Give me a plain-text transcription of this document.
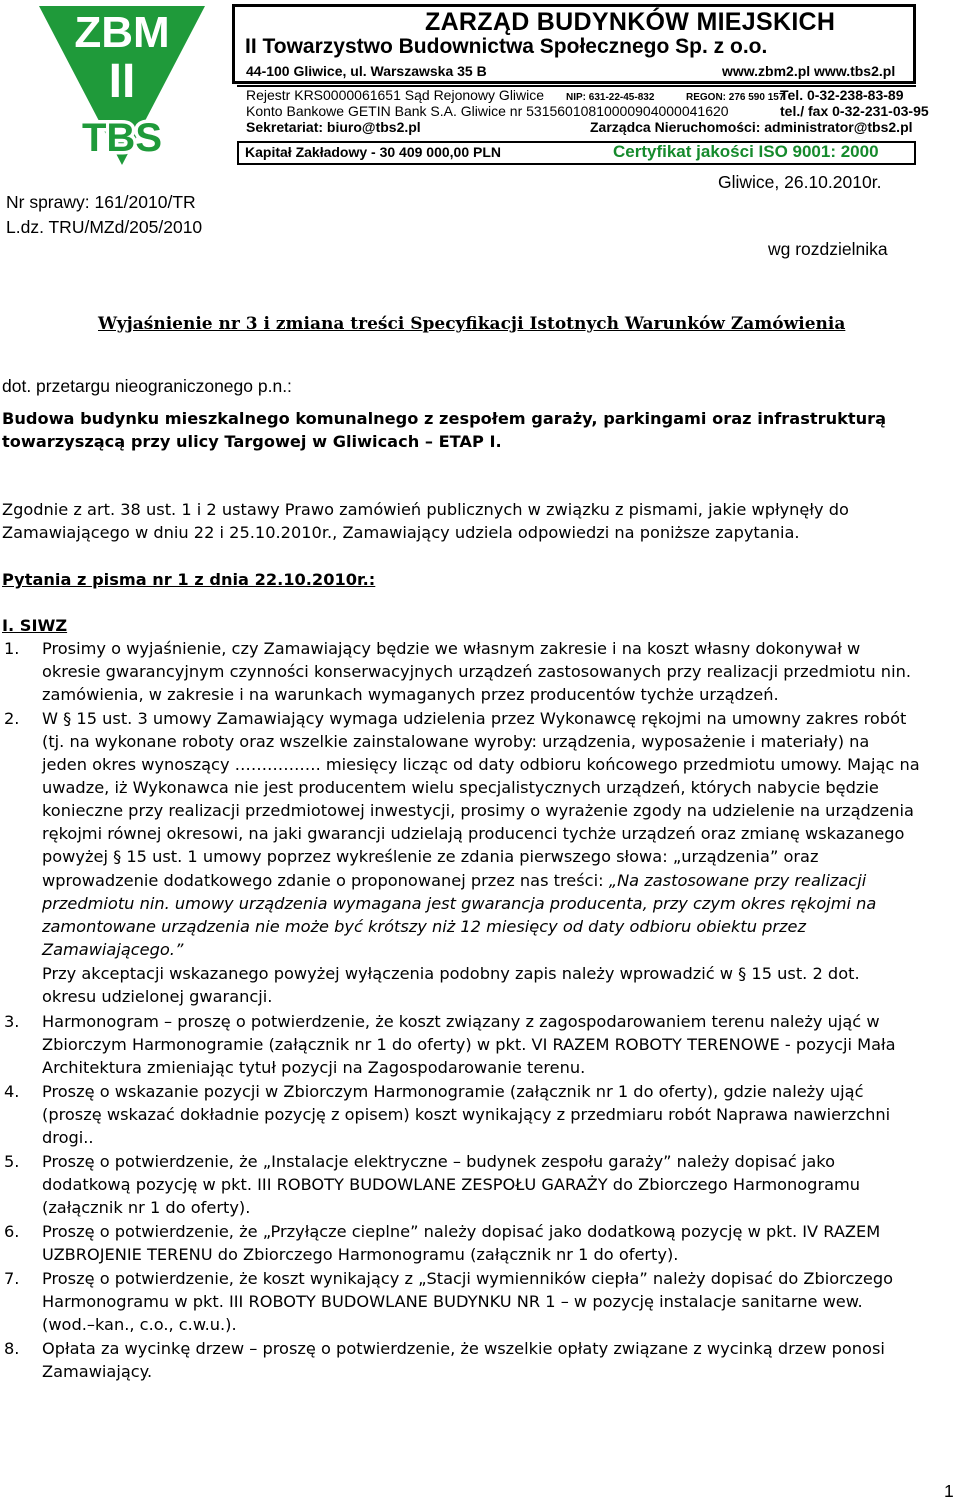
ZBM
II
TBS
ZARZĄD BUDYNKÓW MIEJSKICH
II Towarzystwo Budownictwa Społecznego Sp. z o.o.
44-100 Gliwice, ul. Warszawska 35 B	www.zbm2.pl www.tbs2.pl
Rejestr KRS0000061651 Sąd Rejonowy Gliwice NIP: 631-22-45-832	REGON: 276 590 157
Tel. 0-32-238-83-89
Konto Bankowe GETIN Bank S.A. Gliwice nr 53156010810000904000041620	tel./ fax 0-32-231-03-95
Sekretariat: biuro@tbs2.pl	Zarządca Nieruchomości: administrator@tbs2.pl
Kapitał Zakładowy - 30 409 000,00 PLN	Certyfikat jakości ISO 9001: 2000
Nr sprawy: 161/2010/TR
L.dz. TRU/MZd/205/2010
Gliwice, 26.10.2010r.
wg rozdzielnika
Wyjaśnienie nr 3 i zmiana treści Specyfikacji Istotnych Warunków Zamówienia
dot. przetargu nieograniczonego p.n.:
Budowa budynku mieszkalnego komunalnego z zespołem garaży, parkingami oraz infrastrukturą
towarzyszącą przy ulicy Targowej w Gliwicach – ETAP I.
Zgodnie z art. 38 ust. 1 i 2 ustawy Prawo zamówień publicznych w związku z pismami, jakie wpłynęły do
Zamawiającego w dniu 22 i 25.10.2010r., Zamawiający udziela odpowiedzi na poniższe zapytania.
Pytania z pisma nr 1 z dnia 22.10.2010r.:
I. SIWZ
1. Prosimy o wyjaśnienie, czy Zamawiający będzie we własnym zakresie i na koszt własny dokonywał w
okresie gwarancyjnym czynności konserwacyjnych urządzeń zastosowanych przy realizacji przedmiotu nin.
zamówienia, w zakresie i na warunkach wymaganych przez producentów tychże urządzeń.
2. W § 15 ust. 3 umowy Zamawiający wymaga udzielenia przez Wykonawcę rękojmi na umowny zakres robót
(tj. na wykonane roboty oraz wszelkie zainstalowane wyroby: urządzenia, wyposażenie i materiały) na
jeden okres wynoszący ……………. miesięcy licząc od daty odbioru końcowego przedmiotu umowy. Mając na
uwadze, iż Wykonawca nie jest producentem wielu specjalistycznych urządzeń, których nabycie będzie
konieczne przy realizacji przedmiotowej inwestycji, prosimy o wyrażenie zgody na udzielenie na urządzenia
rękojmi równej okresowi, na jaki gwarancji udzielają producenci tychże urządzeń oraz zmianę wskazanego
powyżej § 15 ust. 1 umowy poprzez wykreślenie ze zdania pierwszego słowa: „urządzenia” oraz
wprowadzenie dodatkowego zdanie o proponowanej przez nas treści: „Na zastosowane przy realizacji
przedmiotu nin. umowy urządzenia wymagana jest gwarancja producenta, przy czym okres rękojmi na
zamontowane urządzenia nie może być krótszy niż 12 miesięcy od daty odbioru obiektu przez
Zamawiającego.”
Przy akceptacji wskazanego powyżej wyłączenia podobny zapis należy wprowadzić w § 15 ust. 2 dot.
okresu udzielonej gwarancji.
3. Harmonogram – proszę o potwierdzenie, że koszt związany z zagospodarowaniem terenu należy ująć w
Zbiorczym Harmonogramie (załącznik nr 1 do oferty) w pkt. VI RAZEM ROBOTY TERENOWE - pozycji Mała
Architektura zmieniając tytuł pozycji na Zagospodarowanie terenu.
4. Proszę o wskazanie pozycji w Zbiorczym Harmonogramie (załącznik nr 1 do oferty), gdzie należy ująć
(proszę wskazać dokładnie pozycję z opisem) koszt wynikający z przedmiaru robót Naprawa nawierzchni
drogi..
5. Proszę o potwierdzenie, że „Instalacje elektryczne – budynek zespołu garaży” należy dopisać jako
dodatkową pozycję w pkt. III ROBOTY BUDOWLANE ZESPOŁU GARAŻY do Zbiorczego Harmonogramu
(załącznik nr 1 do oferty).
6. Proszę o potwierdzenie, że „Przyłącze cieplne” należy dopisać jako dodatkową pozycję w pkt. IV RAZEM
UZBROJENIE TERENU do Zbiorczego Harmonogramu (załącznik nr 1 do oferty).
7. Proszę o potwierdzenie, że koszt wynikający z „Stacji wymienników ciepła” należy dopisać do Zbiorczego
Harmonogramu w pkt. III ROBOTY BUDOWLANE BUDYNKU NR 1 – w pozycję instalacje sanitarne wew.
(wod.–kan., c.o., c.w.u.).
8. Opłata za wycinkę drzew – proszę o potwierdzenie, że wszelkie opłaty związane z wycinką drzew ponosi
Zamawiający.
1
